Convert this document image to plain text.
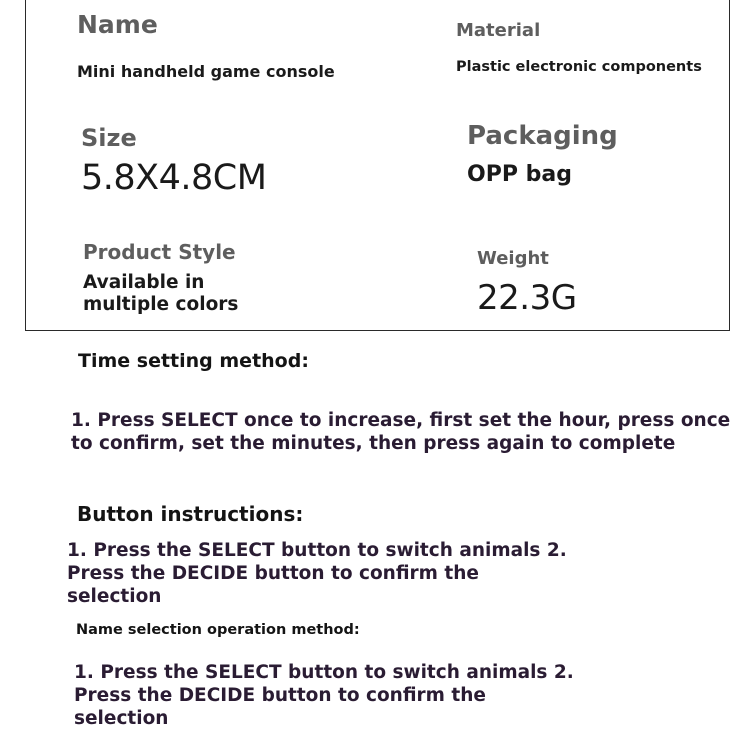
Name
Mini handheld game console
Material
Plastic electronic components
Size
5.8X4.8CM
Packaging
OPP bag
Product Style
Available in multiple colors
Weight
22.3G
Time setting method:
1. Press SELECT once to increase, first set the hour, press once to confirm, set the minutes, then press again to complete
Button instructions:
1. Press the SELECT button to switch animals 2. Press the DECIDE button to confirm the selection
Name selection operation method:
1. Press the SELECT button to switch animals 2. Press the DECIDE button to confirm the selection
